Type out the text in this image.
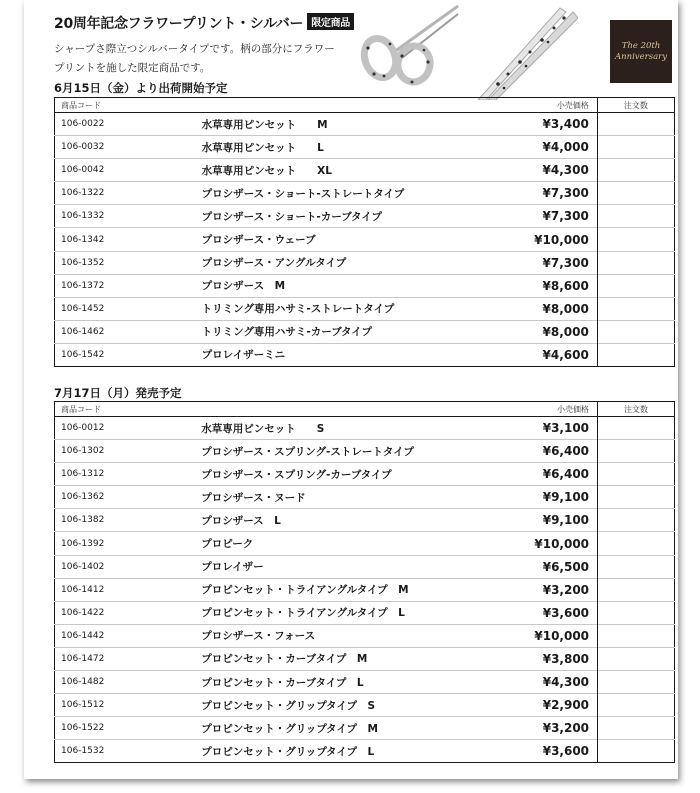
20周年記念フラワープリント・シルバー 限定商品
シャープさ際立つシルバータイプです。柄の部分にフラワープリントを施した限定商品です。
The 20th Anniversary
6月15日（金）より出荷開始予定
商品コード		小売価格	注文数
106-0022	水草専用ピンセット　　M	¥3,400	
106-0032	水草専用ピンセット　　L	¥4,000	
106-0042	水草専用ピンセット　　XL	¥4,300	
106-1322	プロシザース・ショート-ストレートタイプ	¥7,300	
106-1332	プロシザース・ショート-カーブタイプ	¥7,300	
106-1342	プロシザース・ウェーブ	¥10,000	
106-1352	プロシザース・アングルタイプ	¥7,300	
106-1372	プロシザース　M	¥8,600	
106-1452	トリミング専用ハサミ-ストレートタイプ	¥8,000	
106-1462	トリミング専用ハサミ-カーブタイプ	¥8,000	
106-1542	プロレイザーミニ	¥4,600	
7月17日（月）発売予定
商品コード		小売価格	注文数
106-0012	水草専用ピンセット　　S	¥3,100	
106-1302	プロシザース・スプリング-ストレートタイプ	¥6,400	
106-1312	プロシザース・スプリング-カーブタイプ	¥6,400	
106-1362	プロシザース・ヌード	¥9,100	
106-1382	プロシザース　L	¥9,100	
106-1392	プロピーク	¥10,000	
106-1402	プロレイザー	¥6,500	
106-1412	プロピンセット・トライアングルタイプ　M	¥3,200	
106-1422	プロピンセット・トライアングルタイプ　L	¥3,600	
106-1442	プロシザース・フォース	¥10,000	
106-1472	プロピンセット・カーブタイプ　M	¥3,800	
106-1482	プロピンセット・カーブタイプ　L	¥4,300	
106-1512	プロピンセット・グリップタイプ　S	¥2,900	
106-1522	プロピンセット・グリップタイプ　M	¥3,200	
106-1532	プロピンセット・グリップタイプ　L	¥3,600	
